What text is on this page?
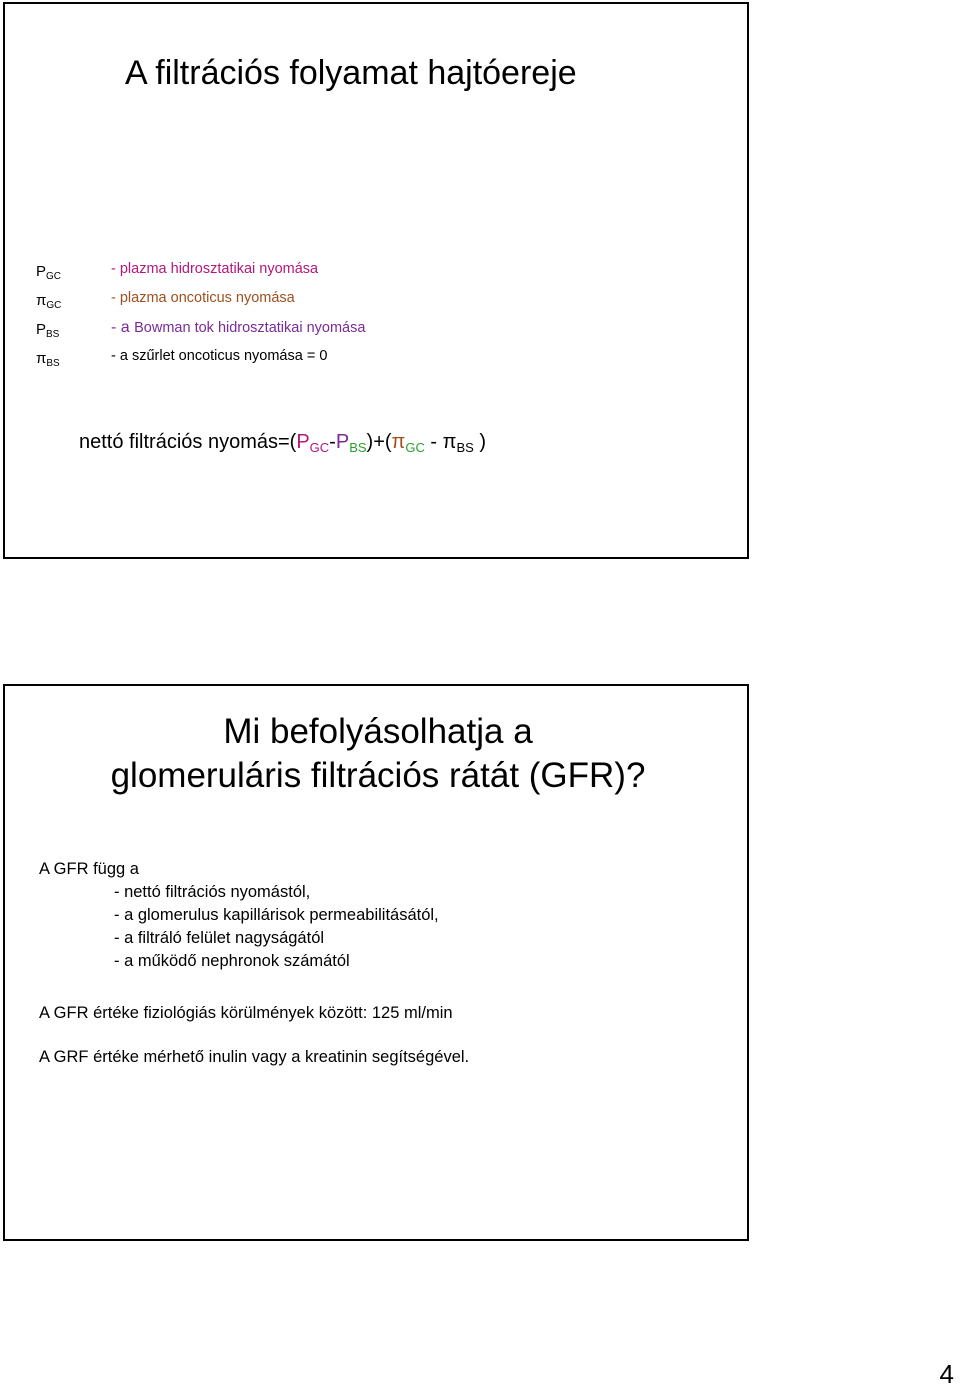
A filtrációs folyamat hajtóereje
$P_{GC}$	- plazma hidrosztatikai nyomása
$\pi_{GC}$	- plazma oncoticus nyomása
$P_{BS}$	- a Bowman tok hidrosztatikai nyomása
$\pi_{BS}$	- a szűrlet oncoticus nyomása = 0
nettó filtrációs $nyomás=(P_{GC}-P_{BS})+(\pi_{GC} - \pi_{BS}$ )
Mi befolyásolhatja a
glomeruláris filtrációs rátát (GFR)?
A GFR függ a
- nettó filtrációs nyomástól,
- a glomerulus kapillárisok permeabilitásától,
- a filtráló felület nagyságától
- a működő nephronok számától
A GFR értéke fiziológiás körülmények között: 125 ml/min
A GRF értéke mérhető inulin vagy a kreatinin segítségével.
4
